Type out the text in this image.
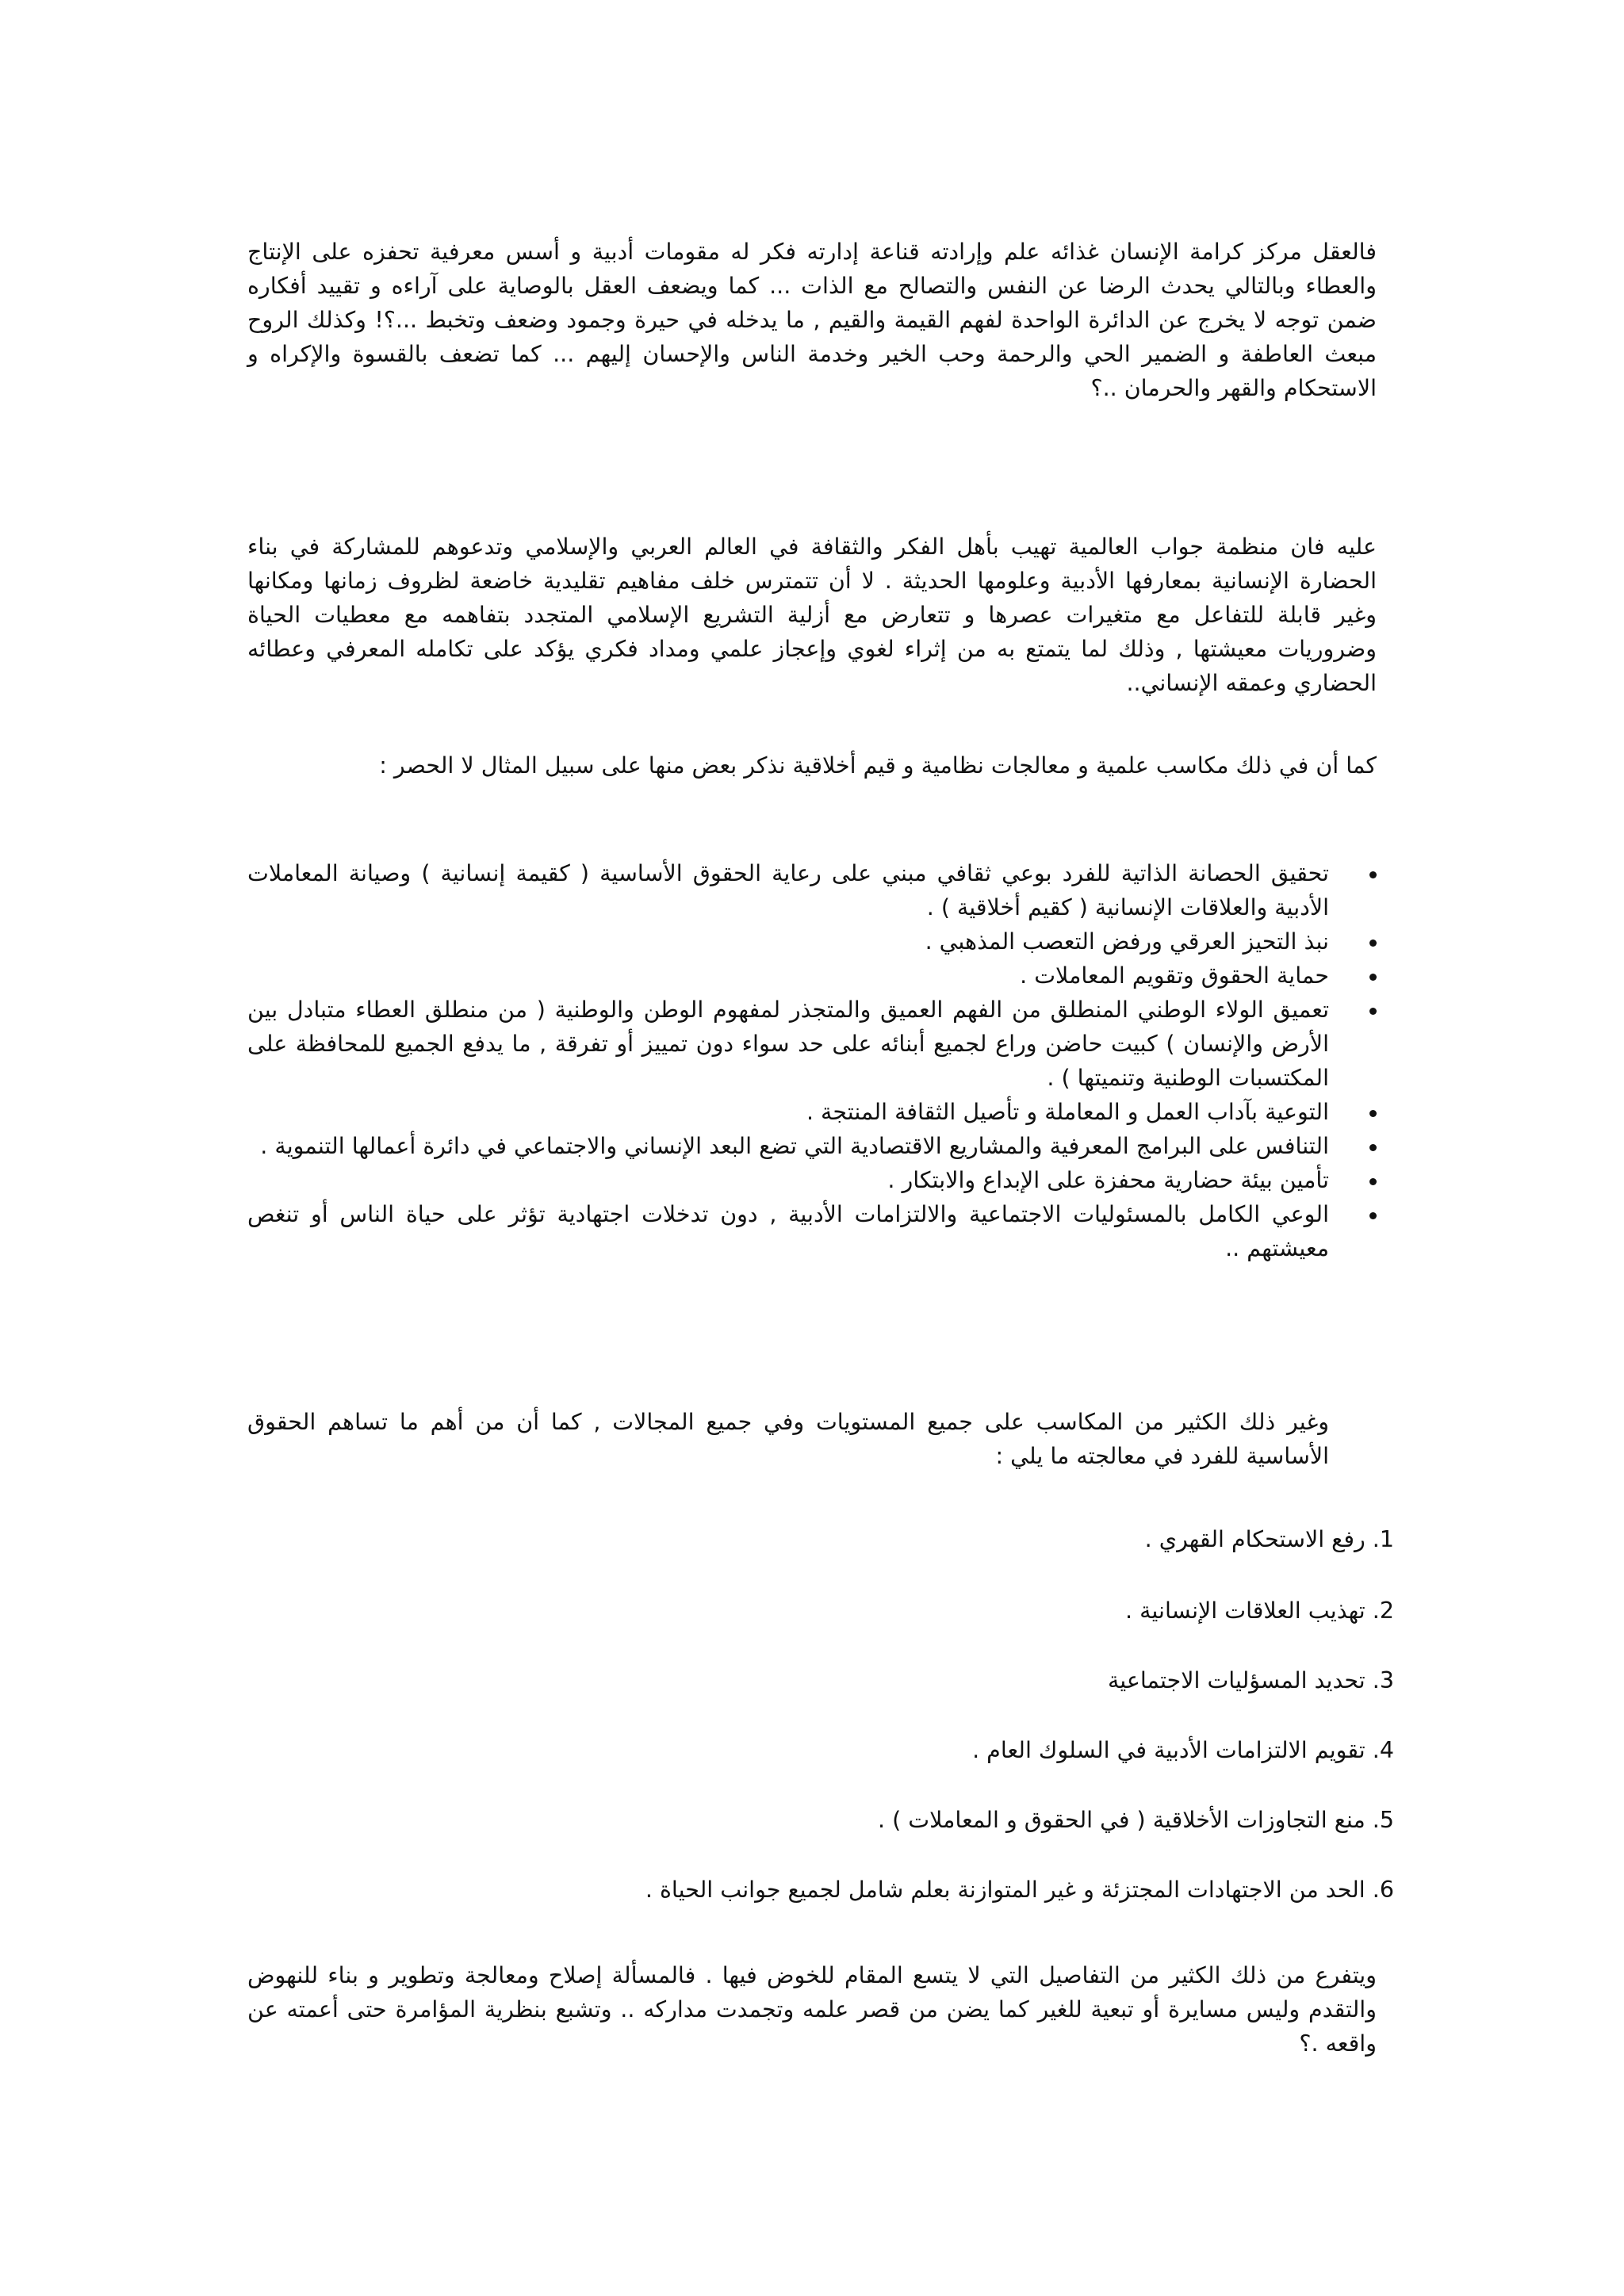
فالعقل مركز كرامة الإنسان غذائه علم وإرادته قناعة إدارته فكر له مقومات أدبية و أسس معرفية تحفزه على الإنتاج والعطاء وبالتالي يحدث الرضا عن النفس والتصالح مع الذات ... كما ويضعف العقل بالوصاية على آراءه و تقييد أفكاره ضمن توجه لا يخرج عن الدائرة الواحدة لفهم القيمة والقيم , ما يدخله في حيرة وجمود وضعف وتخبط ...؟! وكذلك الروح مبعث العاطفة و الضمير الحي والرحمة وحب الخير وخدمة الناس والإحسان إليهم ... كما تضعف بالقسوة والإكراه و الاستحكام والقهر والحرمان ..؟

عليه فان منظمة جواب العالمية تهيب بأهل الفكر والثقافة في العالم العربي والإسلامي وتدعوهم للمشاركة في بناء الحضارة الإنسانية بمعارفها الأدبية وعلومها الحديثة . لا أن تتمترس خلف مفاهيم تقليدية خاضعة لظروف زمانها ومكانها وغير قابلة للتفاعل مع متغيرات عصرها و تتعارض مع أزلية التشريع الإسلامي المتجدد بتفاهمه مع معطيات الحياة وضروريات معيشتها , وذلك لما يتمتع به من إثراء لغوي وإعجاز علمي ومداد فكري يؤكد على تكامله المعرفي وعطائه الحضاري وعمقه الإنساني..

كما أن في ذلك مكاسب علمية و معالجات نظامية و قيم أخلاقية نذكر بعض منها على سبيل المثال لا الحصر :

تحقيق الحصانة الذاتية للفرد بوعي ثقافي مبني على رعاية الحقوق الأساسية ( كقيمة إنسانية ) وصيانة المعاملات الأدبية والعلاقات الإنسانية ( كقيم أخلاقية ) .
نبذ التحيز العرقي ورفض التعصب المذهبي .
حماية الحقوق وتقويم المعاملات .
تعميق الولاء الوطني المنطلق من الفهم العميق والمتجذر لمفهوم الوطن والوطنية ( من منطلق العطاء متبادل بين الأرض والإنسان ) كبيت حاضن وراع لجميع أبنائه على حد سواء دون تمييز أو تفرقة , ما يدفع الجميع للمحافظة على المكتسبات الوطنية وتنميتها ) .
التوعية بآداب العمل و المعاملة و تأصيل الثقافة المنتجة .
التنافس على البرامج المعرفية والمشاريع الاقتصادية التي تضع البعد الإنساني والاجتماعي في دائرة أعمالها التنموية .
تأمين بيئة حضارية محفزة على الإبداع والابتكار .
الوعي الكامل بالمسئوليات الاجتماعية والالتزامات الأدبية , دون تدخلات اجتهادية تؤثر على حياة الناس أو تنغص معيشتهم ..

وغير ذلك الكثير من المكاسب على جميع المستويات وفي جميع المجالات , كما أن من أهم ما تساهم الحقوق الأساسية للفرد في معالجته ما يلي :

1. رفع الاستحكام القهري .
2. تهذيب العلاقات الإنسانية .
3. تحديد المسؤليات الاجتماعية
4. تقويم الالتزامات الأدبية في السلوك العام .
5. منع التجاوزات الأخلاقية ( في الحقوق و المعاملات ) .
6. الحد من الاجتهادات المجتزئة و غير المتوازنة بعلم شامل لجميع جوانب الحياة .

ويتفرع من ذلك الكثير من التفاصيل التي لا يتسع المقام للخوض فيها . فالمسألة إصلاح ومعالجة وتطوير و بناء للنهوض والتقدم وليس مسايرة أو تبعية للغير كما يضن من قصر علمه وتجمدت مداركه .. وتشبع بنظرية المؤامرة حتى أعمته عن واقعه .؟
